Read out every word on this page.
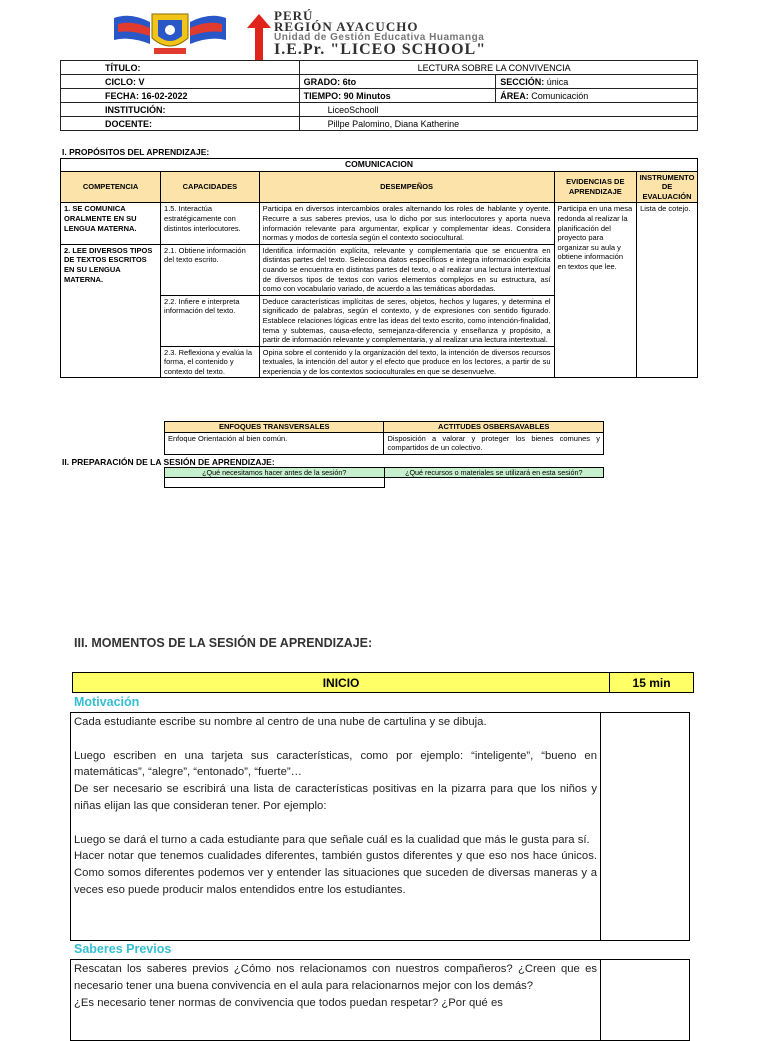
PERÚ
REGIÓN AYACUCHO
Unidad de Gestión Educativa Huamanga
I.E.Pr. "LICEO SCHOOL"
TÍTULO:	LECTURA SOBRE LA CONVIVENCIA	
CICLO: V	GRADO: 6to	SECCIÓN: única
FECHA: 16-02-2022	TIEMPO: 90 Minutos	ÁREA: Comunicación
INSTITUCIÓN:	LiceoSchooll	
DOCENTE:	Pillpe Palomino, Diana Katherine	
I. PROPÓSITOS DEL APRENDIZAJE:
COMUNICACION				
COMPETENCIA	CAPACIDADES	DESEMPEÑOS	EVIDENCIAS DE APRENDIZAJE	INSTRUMENTO DE EVALUACIÓN
1. SE COMUNICA ORALMENTE EN SU LENGUA MATERNA.	1.5. Interactúa estratégicamente con distintos interlocutores.	Participa en diversos intercambios orales alternando los roles de hablante y oyente. Recurre a sus saberes previos, usa lo dicho por sus interlocutores y aporta nueva información relevante para argumentar, explicar y complementar ideas. Considera normas y modos de cortesía según el contexto sociocultural.	Participa en una mesa redonda al realizar la planificación del proyecto para organizar su aula y obtiene información en textos que lee.	Lista de cotejo.
2. LEE DIVERSOS TIPOS DE TEXTOS ESCRITOS EN SU LENGUA MATERNA.	2.1. Obtiene información del texto escrito.	Identifica información explícita, relevante y complementaria que se encuentra en distintas partes del texto. Selecciona datos específicos e integra información explícita cuando se encuentra en distintas partes del texto, o al realizar una lectura intertextual de diversos tipos de textos con varios elementos complejos en su estructura, así como con vocabulario variado, de acuerdo a las temáticas abordadas.		
	2.2. Infiere e interpreta información del texto.	Deduce características implícitas de seres, objetos, hechos y lugares, y determina el significado de palabras, según el contexto, y de expresiones con sentido figurado. Establece relaciones lógicas entre las ideas del texto escrito, como intención-finalidad, tema y subtemas, causa-efecto, semejanza-diferencia y enseñanza y propósito, a partir de información relevante y complementaria, y al realizar una lectura intertextual.		
	2.3. Reflexiona y evalúa la forma, el contenido y contexto del texto.	Opina sobre el contenido y la organización del texto, la intención de diversos recursos textuales, la intención del autor y el efecto que produce en los lectores, a partir de su experiencia y de los contextos socioculturales en que se desenvuelve.		
ENFOQUES TRANSVERSALES	ACTITUDES OSBERSAVABLES
Enfoque Orientación al bien común.	Disposición a valorar y proteger los bienes comunes y compartidos de un colectivo.
II. PREPARACIÓN DE LA SESIÓN DE APRENDIZAJE:
¿Qué necesitamos hacer antes de la sesión?	¿Qué recursos o materiales se utilizará en esta sesión?

III. MOMENTOS DE LA SESIÓN DE APRENDIZAJE:
INICIO	15 min
Motivación

Cada estudiante escribe su nombre al centro de una nube de cartulina y se dibuja.

Luego escriben en una tarjeta sus características, como por ejemplo: “inteligente”, “bueno en matemáticas”, “alegre”, “entonado”, “fuerte”…

De ser necesario se escribirá una lista de características positivas en la pizarra para que los niños y niñas elijan las que consideran tener. Por ejemplo:

Luego se dará el turno a cada estudiante para que señale cuál es la cualidad que más le gusta para sí.

Hacer notar que tenemos cualidades diferentes, también gustos diferentes y que eso nos hace únicos. Como somos diferentes podemos ver y entender las situaciones que suceden de diversas maneras y a veces eso puede producir malos entendidos entre los estudiantes.

Saberes Previos

Rescatan los saberes previos ¿Cómo nos relacionamos con nuestros compañeros? ¿Creen que es necesario tener una buena convivencia en el aula para relacionarnos mejor con los demás?

¿Es necesario tener normas de convivencia que todos puedan respetar? ¿Por qué es
